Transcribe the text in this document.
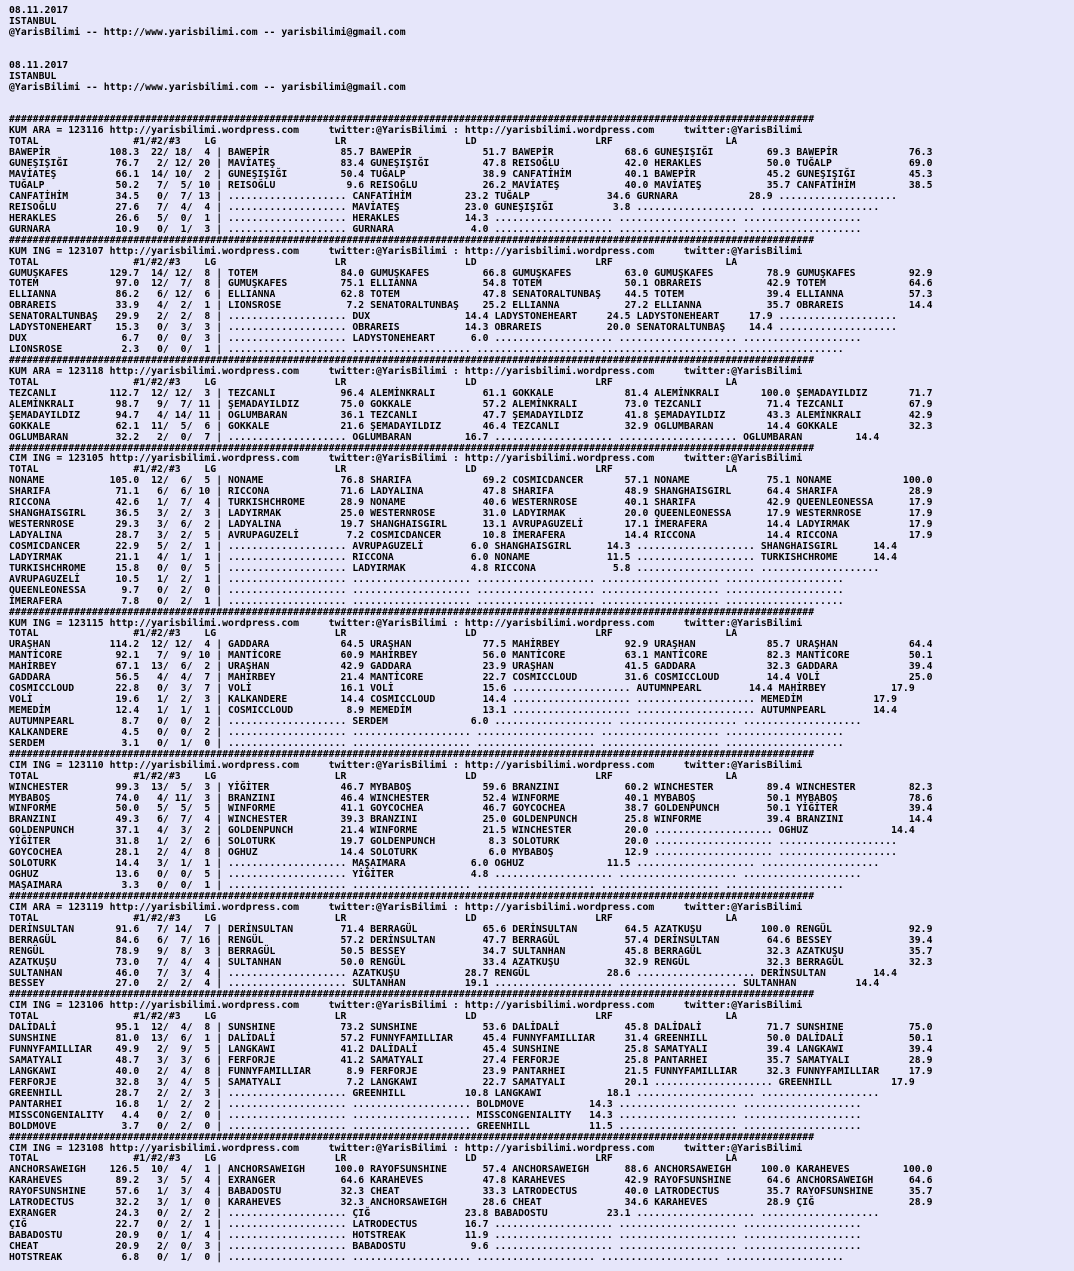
08.11.2017
ISTANBUL
@YarisBilimi -- http://www.yarisbilimi.com -- yarisbilimi@gmail.com
08.11.2017
ISTANBUL
@YarisBilimi -- http://www.yarisbilimi.com -- yarisbilimi@gmail.com
########################################################################################################################################
KUM ARA = 123116 http://yarisbilimi.wordpress.com     twitter:@YarisBilimi : http://yarisbilimi.wordpress.com     twitter:@YarisBilimi
TOTAL                #1/#2/#3    LG                    LR                    LD                    LRF                   LA
BAWEPİR          108.3  22/ 18/  4 | BAWEPİR            85.7 BAWEPİR            51.7 BAWEPİR            68.6 GUNEŞIŞIĞI         69.3 BAWEPİR            76.3
GUNEŞIŞIĞI        76.7   2/ 12/ 20 | MAVİATEŞ           83.4 GUNEŞIŞIĞI         47.8 REISOĞLU           42.0 HERAKLES           50.0 TUĞALP             69.0
MAVİATEŞ          66.1  14/ 10/  2 | GUNEŞIŞIĞI         50.4 TUĞALP             38.9 CANFATİHİM         40.1 BAWEPİR            45.2 GUNEŞIŞIĞI         45.3
TUĞALP            50.2   7/  5/ 10 | REISOĞLU            9.6 REISOĞLU           26.2 MAVİATEŞ           40.0 MAVİATEŞ           35.7 CANFATİHİM         38.5
CANFATİHİM        34.5   0/  7/ 13 | .................... CANFATİHİM         23.2 TUĞALP             34.6 GURNARA            28.9 ....................
REISOĞLU          27.6   7/  4/  4 | .................... MAVİATEŞ           23.0 GUNEŞIŞIĞI          3.8 .................... ....................
HERAKLES          26.6   5/  0/  1 | .................... HERAKLES           14.3 .................... .................... ....................
GURNARA           10.9   0/  1/  3 | .................... GURNARA             4.0 .................... .................... ....................
########################################################################################################################################
KUM ING = 123107 http://yarisbilimi.wordpress.com     twitter:@YarisBilimi : http://yarisbilimi.wordpress.com     twitter:@YarisBilimi
TOTAL                #1/#2/#3    LG                    LR                    LD                    LRF                   LA
GUMUŞKAFES       129.7  14/ 12/  8 | TOTEM              84.0 GUMUŞKAFES         66.8 GUMUŞKAFES         63.0 GUMUŞKAFES         78.9 GUMUŞKAFES         92.9
TOTEM             97.0  12/  7/  8 | GUMUŞKAFES         75.1 ELLIANNA           54.8 TOTEM              50.1 OBRAREIS           42.9 TOTEM              64.6
ELLIANNA          86.2   6/ 12/  6 | ELLIANNA           62.8 TOTEM              47.8 SENATORALTUNBAŞ    44.5 TOTEM              39.4 ELLIANNA           57.3
OBRAREIS          33.9   4/  2/  1 | LIONSROSE           7.2 SENATORALTUNBAŞ    25.2 ELLIANNA           27.2 ELLIANNA           35.7 OBRAREIS           14.4
SENATORALTUNBAŞ   29.9   2/  2/  8 | .................... DUX                14.4 LADYSTONEHEART     24.5 LADYSTONEHEART     17.9 ....................
LADYSTONEHEART    15.3   0/  3/  3 | .................... OBRAREIS           14.3 OBRAREIS           20.0 SENATORALTUNBAŞ    14.4 ....................
DUX                6.7   0/  0/  3 | .................... LADYSTONEHEART      6.0 .................... .................... ....................
LIONSROSE          2.3   0/  0/  1 | .................... .................... .................... .................... ....................
########################################################################################################################################
KUM ARA = 123118 http://yarisbilimi.wordpress.com     twitter:@YarisBilimi : http://yarisbilimi.wordpress.com     twitter:@YarisBilimi
TOTAL                #1/#2/#3    LG                    LR                    LD                    LRF                   LA
TEZCANLI         112.7  12/ 12/  3 | TEZCANLI           96.4 ALEMİNKRALI        61.1 GOKKALE            81.4 ALEMİNKRALI       100.0 ŞEMADAYILDIZ       71.7
ALEMİNKRALI       98.7   9/  7/ 11 | ŞEMADAYILDIZ       75.0 GOKKALE            57.2 ALEMİNKRALI        73.0 TEZCANLI           71.4 TEZCANLI           67.9
ŞEMADAYILDIZ      94.7   4/ 14/ 11 | OGLUMBARAN         36.1 TEZCANLI           47.7 ŞEMADAYILDIZ       41.8 ŞEMADAYILDIZ       43.3 ALEMİNKRALI        42.9
GOKKALE           62.1  11/  5/  6 | GOKKALE            21.6 ŞEMADAYILDIZ       46.4 TEZCANLI           32.9 OGLUMBARAN         14.4 GOKKALE            32.3
OGLUMBARAN        32.2   2/  0/  7 | .................... OGLUMBARAN         16.7 .................... .................... OGLUMBARAN         14.4
########################################################################################################################################
CIM ING = 123105 http://yarisbilimi.wordpress.com     twitter:@YarisBilimi : http://yarisbilimi.wordpress.com     twitter:@YarisBilimi
TOTAL                #1/#2/#3    LG                    LR                    LD                    LRF                   LA
NONAME           105.0  12/  6/  5 | NONAME             76.8 SHARIFA            69.2 COSMICDANCER       57.1 NONAME             75.1 NONAME            100.0
SHARIFA           71.1   6/  6/ 10 | RICCONA            71.6 LADYALINA          47.8 SHARIFA            48.9 SHANGHAISGIRL      64.4 SHARIFA            28.9
RICCONA           42.6   1/  7/  4 | TURKISHCHROME      28.9 NONAME             40.6 WESTERNROSE        40.1 SHARIFA            42.9 QUEENLEONESSA      17.9
SHANGHAISGIRL     36.5   3/  2/  3 | LADYIRMAK          25.0 WESTERNROSE        31.0 LADYIRMAK          20.0 QUEENLEONESSA      17.9 WESTERNROSE        17.9
WESTERNROSE       29.3   3/  6/  2 | LADYALINA          19.7 SHANGHAISGIRL      13.1 AVRUPAGUZELİ       17.1 İMERAFERA          14.4 LADYIRMAK          17.9
LADYALINA         28.7   3/  2/  5 | AVRUPAGUZELİ        7.2 COSMICDANCER       10.8 İMERAFERA          14.4 RICCONA            14.4 RICCONA            17.9
COSMICDANCER      22.9   5/  2/  1 | .................... AVRUPAGUZELİ        6.0 SHANGHAISGIRL      14.3 .................... SHANGHAISGIRL      14.4
LADYIRMAK         21.1   4/  1/  1 | .................... RICCONA             6.0 NONAME             11.5 .................... TURKISHCHROME      14.4
TURKISHCHROME     15.8   0/  0/  5 | .................... LADYIRMAK           4.8 RICCONA             5.8 .................... ....................
AVRUPAGUZELİ      10.5   1/  2/  1 | .................... .................... .................... .................... ....................
QUEENLEONESSA      9.7   0/  2/  0 | .................... .................... .................... .................... ....................
İMERAFERA          7.8   0/  2/  1 | .................... .................... .................... .................... ....................
########################################################################################################################################
KUM ING = 123115 http://yarisbilimi.wordpress.com     twitter:@YarisBilimi : http://yarisbilimi.wordpress.com     twitter:@YarisBilimi
TOTAL                #1/#2/#3    LG                    LR                    LD                    LRF                   LA
URAŞHAN          114.2  12/ 12/  4 | GADDARA            64.5 URAŞHAN            77.5 MAHİRBEY           92.9 URAŞHAN            85.7 URAŞHAN            64.4
MANTİCORE         92.1   7/  9/ 10 | MANTİCORE          60.9 MAHİRBEY           56.0 MANTİCORE          63.1 MANTİCORE          82.3 MANTİCORE          50.1
MAHİRBEY          67.1  13/  6/  2 | URAŞHAN            42.9 GADDARA            23.9 URAŞHAN            41.5 GADDARA            32.3 GADDARA            39.4
GADDARA           56.5   4/  4/  7 | MAHİRBEY           21.4 MANTİCORE          22.7 COSMICCLOUD        31.6 COSMICCLOUD        14.4 VOLİ               25.0
COSMICCLOUD       22.8   0/  3/  7 | VOLİ               16.1 VOLİ               15.6 .................... AUTUMNPEARL        14.4 MAHİRBEY           17.9
VOLİ              19.6   1/  2/  3 | KALKANDERE         14.4 COSMICCLOUD        14.4 .................... .................... MEMEDİM            17.9
MEMEDİM           12.4   1/  1/  1 | COSMICCLOUD         8.9 MEMEDİM            13.1 .................... .................... AUTUMNPEARL        14.4
AUTUMNPEARL        8.7   0/  0/  2 | .................... SERDEM              6.0 .................... .................... ....................
KALKANDERE         4.5   0/  0/  2 | .................... .................... .................... .................... ....................
SERDEM             3.1   0/  1/  0 | .................... .................... .................... .................... ....................
########################################################################################################################################
CIM ING = 123110 http://yarisbilimi.wordpress.com     twitter:@YarisBilimi : http://yarisbilimi.wordpress.com     twitter:@YarisBilimi
TOTAL                #1/#2/#3    LG                    LR                    LD                    LRF                   LA
WINCHESTER        99.3  13/  5/  3 | YİĞİTER            46.7 MYBABOŞ            59.6 BRANZINI           60.2 WINCHESTER         89.4 WINCHESTER         82.3
MYBABOŞ           74.0   4/ 11/  3 | BRANZINI           46.4 WINCHESTER         52.4 WINFORME           40.1 MYBABOŞ            50.1 MYBABOŞ            78.6
WINFORME          50.0   5/  5/  5 | WINFORME           41.1 GOYCOCHEA          46.7 GOYCOCHEA          38.7 GOLDENPUNCH        50.1 YİĞİTER            39.4
BRANZINI          49.3   6/  7/  4 | WINCHESTER         39.3 BRANZINI           25.0 GOLDENPUNCH        25.8 WINFORME           39.4 BRANZINI           14.4
GOLDENPUNCH       37.1   4/  3/  2 | GOLDENPUNCH        21.4 WINFORME           21.5 WINCHESTER         20.0 .................... OGHUZ              14.4
YİĞİTER           31.8   1/  2/  6 | SOLOTURK           19.7 GOLDENPUNCH         8.3 SOLOTURK           20.0 .................... ....................
GOYCOCHEA         28.1   2/  4/  8 | OGHUZ              14.4 SOLOTURK            6.0 MYBABOŞ            12.9 .................... ....................
SOLOTURK          14.4   3/  1/  1 | .................... MAŞAIMARA           6.0 OGHUZ              11.5 .................... ....................
OGHUZ             13.6   0/  0/  5 | .................... YİĞİTER             4.8 .................... .................... ....................
MAŞAIMARA          3.3   0/  0/  1 | .................... .................... .................... .................... ....................
########################################################################################################################################
CIM ARA = 123119 http://yarisbilimi.wordpress.com     twitter:@YarisBilimi : http://yarisbilimi.wordpress.com     twitter:@YarisBilimi
TOTAL                #1/#2/#3    LG                    LR                    LD                    LRF                   LA
DERİNSULTAN       91.6   7/ 14/  7 | DERİNSULTAN        71.4 BERRAGÜL           65.6 DERİNSULTAN        64.5 AZATKUŞU          100.0 RENGÜL             92.9
BERRAGÜL          84.6   6/  7/ 16 | RENGÜL             57.2 DERİNSULTAN        47.7 BERRAGÜL           57.4 DERİNSULTAN        64.6 BESSEY             39.4
RENGÜL            78.9   9/  8/  3 | BERRAGÜL           50.5 BESSEY             34.7 SULTANHAN          45.8 BERRAGÜL           32.3 AZATKUŞU           35.7
AZATKUŞU          73.0   7/  4/  4 | SULTANHAN          50.0 RENGÜL             33.4 AZATKUŞU           32.9 RENGÜL             32.3 BERRAGÜL           32.3
SULTANHAN         46.0   7/  3/  4 | .................... AZATKUŞU           28.7 RENGÜL             28.6 .................... DERİNSULTAN        14.4
BESSEY            27.0   2/  2/  4 | .................... SULTANHAN          19.1 .................... .................... SULTANHAN          14.4
########################################################################################################################################
CIM ING = 123106 http://yarisbilimi.wordpress.com     twitter:@YarisBilimi : http://yarisbilimi.wordpress.com     twitter:@YarisBilimi
TOTAL                #1/#2/#3    LG                    LR                    LD                    LRF                   LA
DALİDALİ          95.1  12/  4/  8 | SUNSHINE           73.2 SUNSHINE           53.6 DALİDALİ           45.8 DALİDALİ           71.7 SUNSHINE           75.0
SUNSHINE          81.0  13/  6/  1 | DALİDALİ           57.2 FUNNYFAMILLIAR     45.4 FUNNYFAMILLIAR     31.4 GREENHILL          50.0 DALİDALİ           50.1
FUNNYFAMILLIAR    49.9   2/  9/  5 | LANGKAWI           41.2 DALİDALİ           45.4 SUNSHINE           25.8 SAMATYALI          39.4 LANGKAWI           39.4
SAMATYALI         48.7   3/  3/  6 | FERFORJE           41.2 SAMATYALI          27.4 FERFORJE           25.8 PANTARHEI          35.7 SAMATYALI          28.9
LANGKAWI          40.0   2/  4/  8 | FUNNYFAMILLIAR      8.9 FERFORJE           23.9 PANTARHEI          21.5 FUNNYFAMILLIAR     32.3 FUNNYFAMILLIAR     17.9
FERFORJE          32.8   3/  4/  5 | SAMATYALI           7.2 LANGKAWI           22.7 SAMATYALI          20.1 .................... GREENHILL          17.9
GREENHILL         28.7   2/  2/  3 | .................... GREENHILL          10.8 LANGKAWI           18.1 .................... ....................
PANTARHEI         16.8   1/  2/  2 | .................... .................... BOLDMOVE           14.3 .................... ....................
MISSCONGENIALITY   4.4   0/  2/  0 | .................... .................... MISSCONGENIALITY   14.3 .................... ....................
BOLDMOVE           3.7   0/  2/  0 | .................... .................... GREENHILL          11.5 .................... ....................
########################################################################################################################################
CIM ING = 123108 http://yarisbilimi.wordpress.com     twitter:@YarisBilimi : http://yarisbilimi.wordpress.com     twitter:@YarisBilimi
TOTAL                #1/#2/#3    LG                    LR                    LD                    LRF                   LA
ANCHORSAWEIGH    126.5  10/  4/  1 | ANCHORSAWEIGH     100.0 RAYOFSUNSHINE      57.4 ANCHORSAWEIGH      88.6 ANCHORSAWEIGH     100.0 KARAHEVES         100.0
KARAHEVES         89.2   3/  5/  4 | EXRANGER           64.6 KARAHEVES          47.8 KARAHEVES          42.9 RAYOFSUNSHINE      64.6 ANCHORSAWEIGH      64.6
RAYOFSUNSHINE     57.6   1/  3/  4 | BABADOSTU          32.3 CHEAT              33.3 LATRODECTUS        40.0 LATRODECTUS        35.7 RAYOFSUNSHINE      35.7
LATRODECTUS       32.2   3/  1/  0 | KARAHEVES          32.3 ANCHORSAWEIGH      28.6 CHEAT              34.6 KARAHEVES          28.9 ÇIĞ                28.9
EXRANGER          24.3   0/  2/  2 | .................... ÇIĞ                23.8 BABADOSTU          23.1 .................... ....................
ÇIĞ               22.7   0/  2/  1 | .................... LATRODECTUS        16.7 .................... .................... ....................
BABADOSTU         20.9   0/  1/  4 | .................... HOTSTREAK          11.9 .................... .................... ....................
CHEAT             20.9   2/  0/  3 | .................... BABADOSTU           9.6 .................... .................... ....................
HOTSTREAK          6.8   0/  1/  0 | .................... .................... .................... .................... ....................
